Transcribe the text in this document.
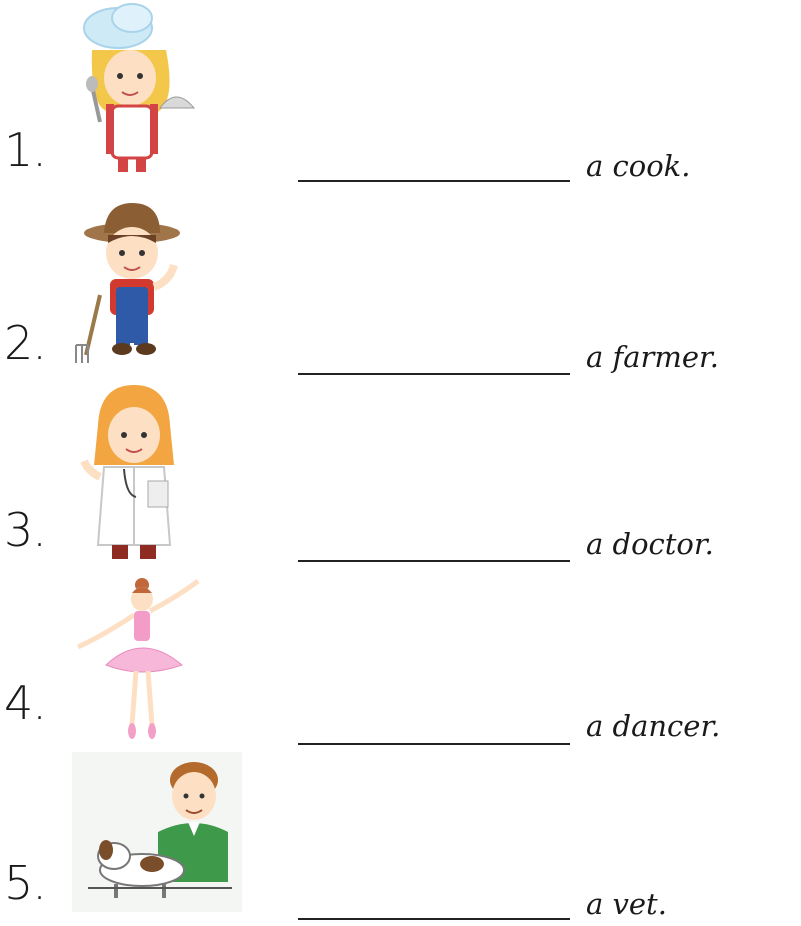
1.	a cook.
2.	a farmer.
3.	a doctor.
4.	a dancer.
5.	a vet.
